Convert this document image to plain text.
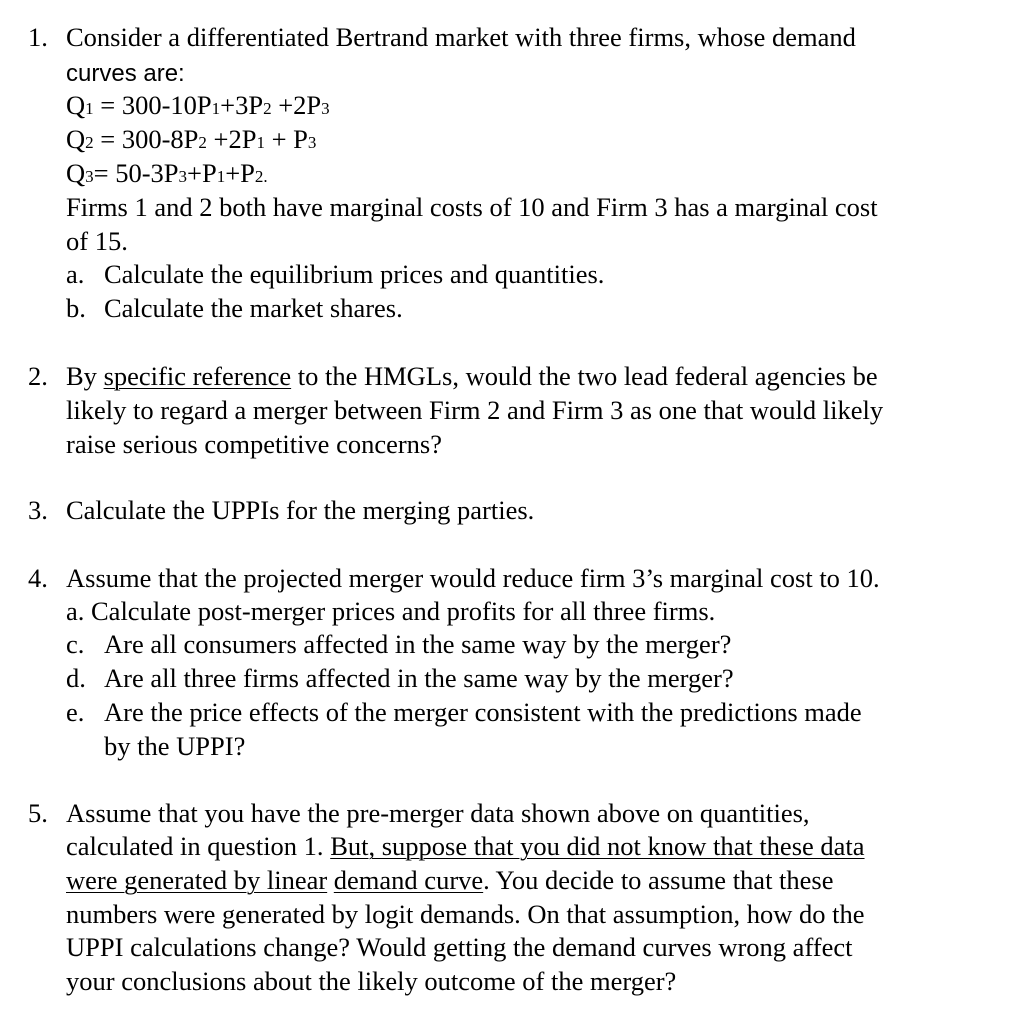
1. Consider a differentiated Bertrand market with three firms, whose demand
curves are:
Q1 = 300-10P1+3P2 +2P3
Q2 = 300-8P2 +2P1 + P3
Q3= 50-3P3+P1+P2.
Firms 1 and 2 both have marginal costs of 10 and Firm 3 has a marginal cost
of 15.
a. Calculate the equilibrium prices and quantities.
b. Calculate the market shares.
2. By specific reference to the HMGLs, would the two lead federal agencies be
likely to regard a merger between Firm 2 and Firm 3 as one that would likely
raise serious competitive concerns?
3. Calculate the UPPIs for the merging parties.
4. Assume that the projected merger would reduce firm 3’s marginal cost to 10.
a. Calculate post-merger prices and profits for all three firms.
c. Are all consumers affected in the same way by the merger?
d. Are all three firms affected in the same way by the merger?
e. Are the price effects of the merger consistent with the predictions made
by the UPPI?
5. Assume that you have the pre-merger data shown above on quantities,
calculated in question 1. But, suppose that you did not know that these data
were generated by linear demand curve. You decide to assume that these
numbers were generated by logit demands. On that assumption, how do the
UPPI calculations change? Would getting the demand curves wrong affect
your conclusions about the likely outcome of the merger?
